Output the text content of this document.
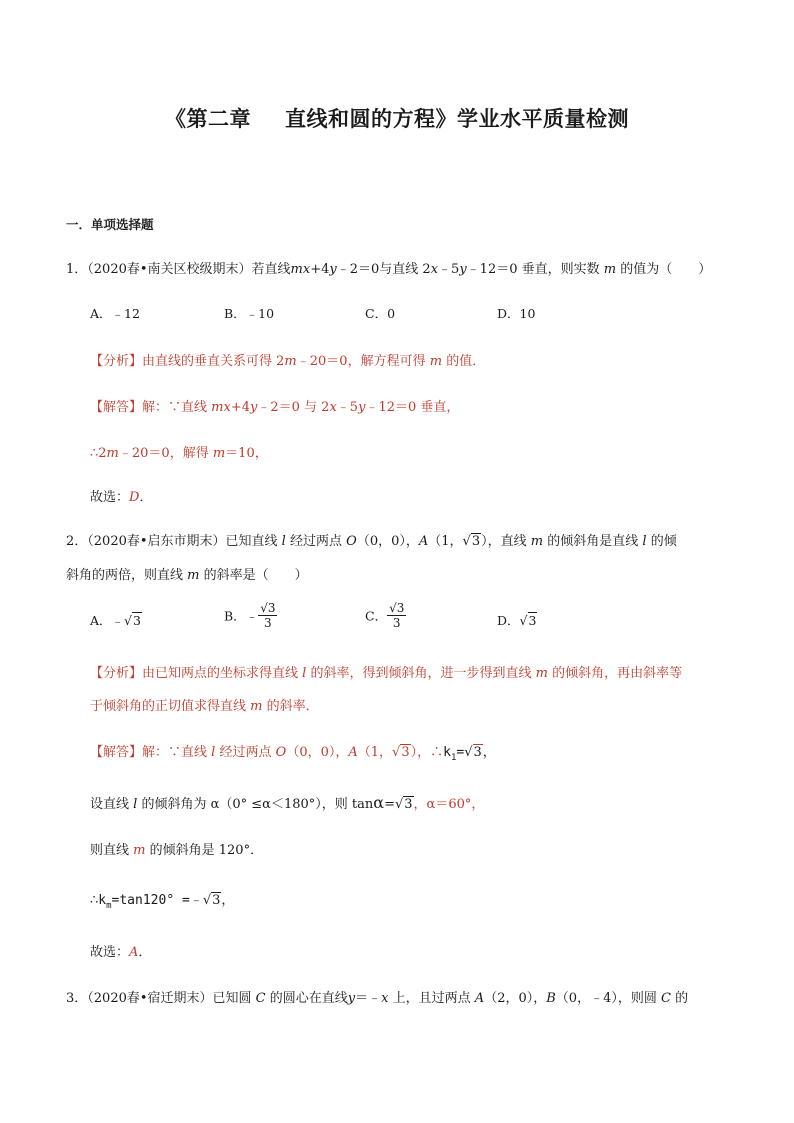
《第二章 直线和圆的方程》学业水平质量检测
一．单项选择题
1．（2020春•南关区校级期末）若直线mx+4y﹣2＝0与直线 2x﹣5y﹣12＝0 垂直，则实数 m 的值为（　　）
A．﹣12	B．﹣10	C．0	D．10
【分析】由直线的垂直关系可得 2m﹣20＝0，解方程可得 m 的值．
【解答】解：∵直线 mx+4y﹣2＝0 与 2x﹣5y﹣12＝0 垂直，
∴2m﹣20＝0，解得 m＝10，
故选：D．
2．（2020春•启东市期末）已知直线 l 经过两点 O（0，0），A（1，√3），直线 m 的倾斜角是直线 l 的倾
斜角的两倍，则直线 m 的斜率是（　　）
A．﹣√3	B．﹣ $\frac{√3}{3}$	C． $\frac{√3}{3}$	D．√3
【分析】由已知两点的坐标求得直线 l 的斜率，得到倾斜角，进一步得到直线 m 的倾斜角，再由斜率等
于倾斜角的正切值求得直线 m 的斜率．
【解答】解：∵直线 l 经过两点 O（0，0），A（1，√3），$\therefore k_1=√3$，
设直线 l 的倾斜角为 α（0° ≤α＜180°），则 tanα=√3，α＝60°，
则直线 m 的倾斜角是 120°．
$\therefore k_m=\tan 120^\circ$ =﹣√3，
故选：A．
3．（2020春•宿迁期末）已知圆 C 的圆心在直线y＝﹣x 上，且过两点 A（2，0），B（0，﹣4），则圆 C 的
